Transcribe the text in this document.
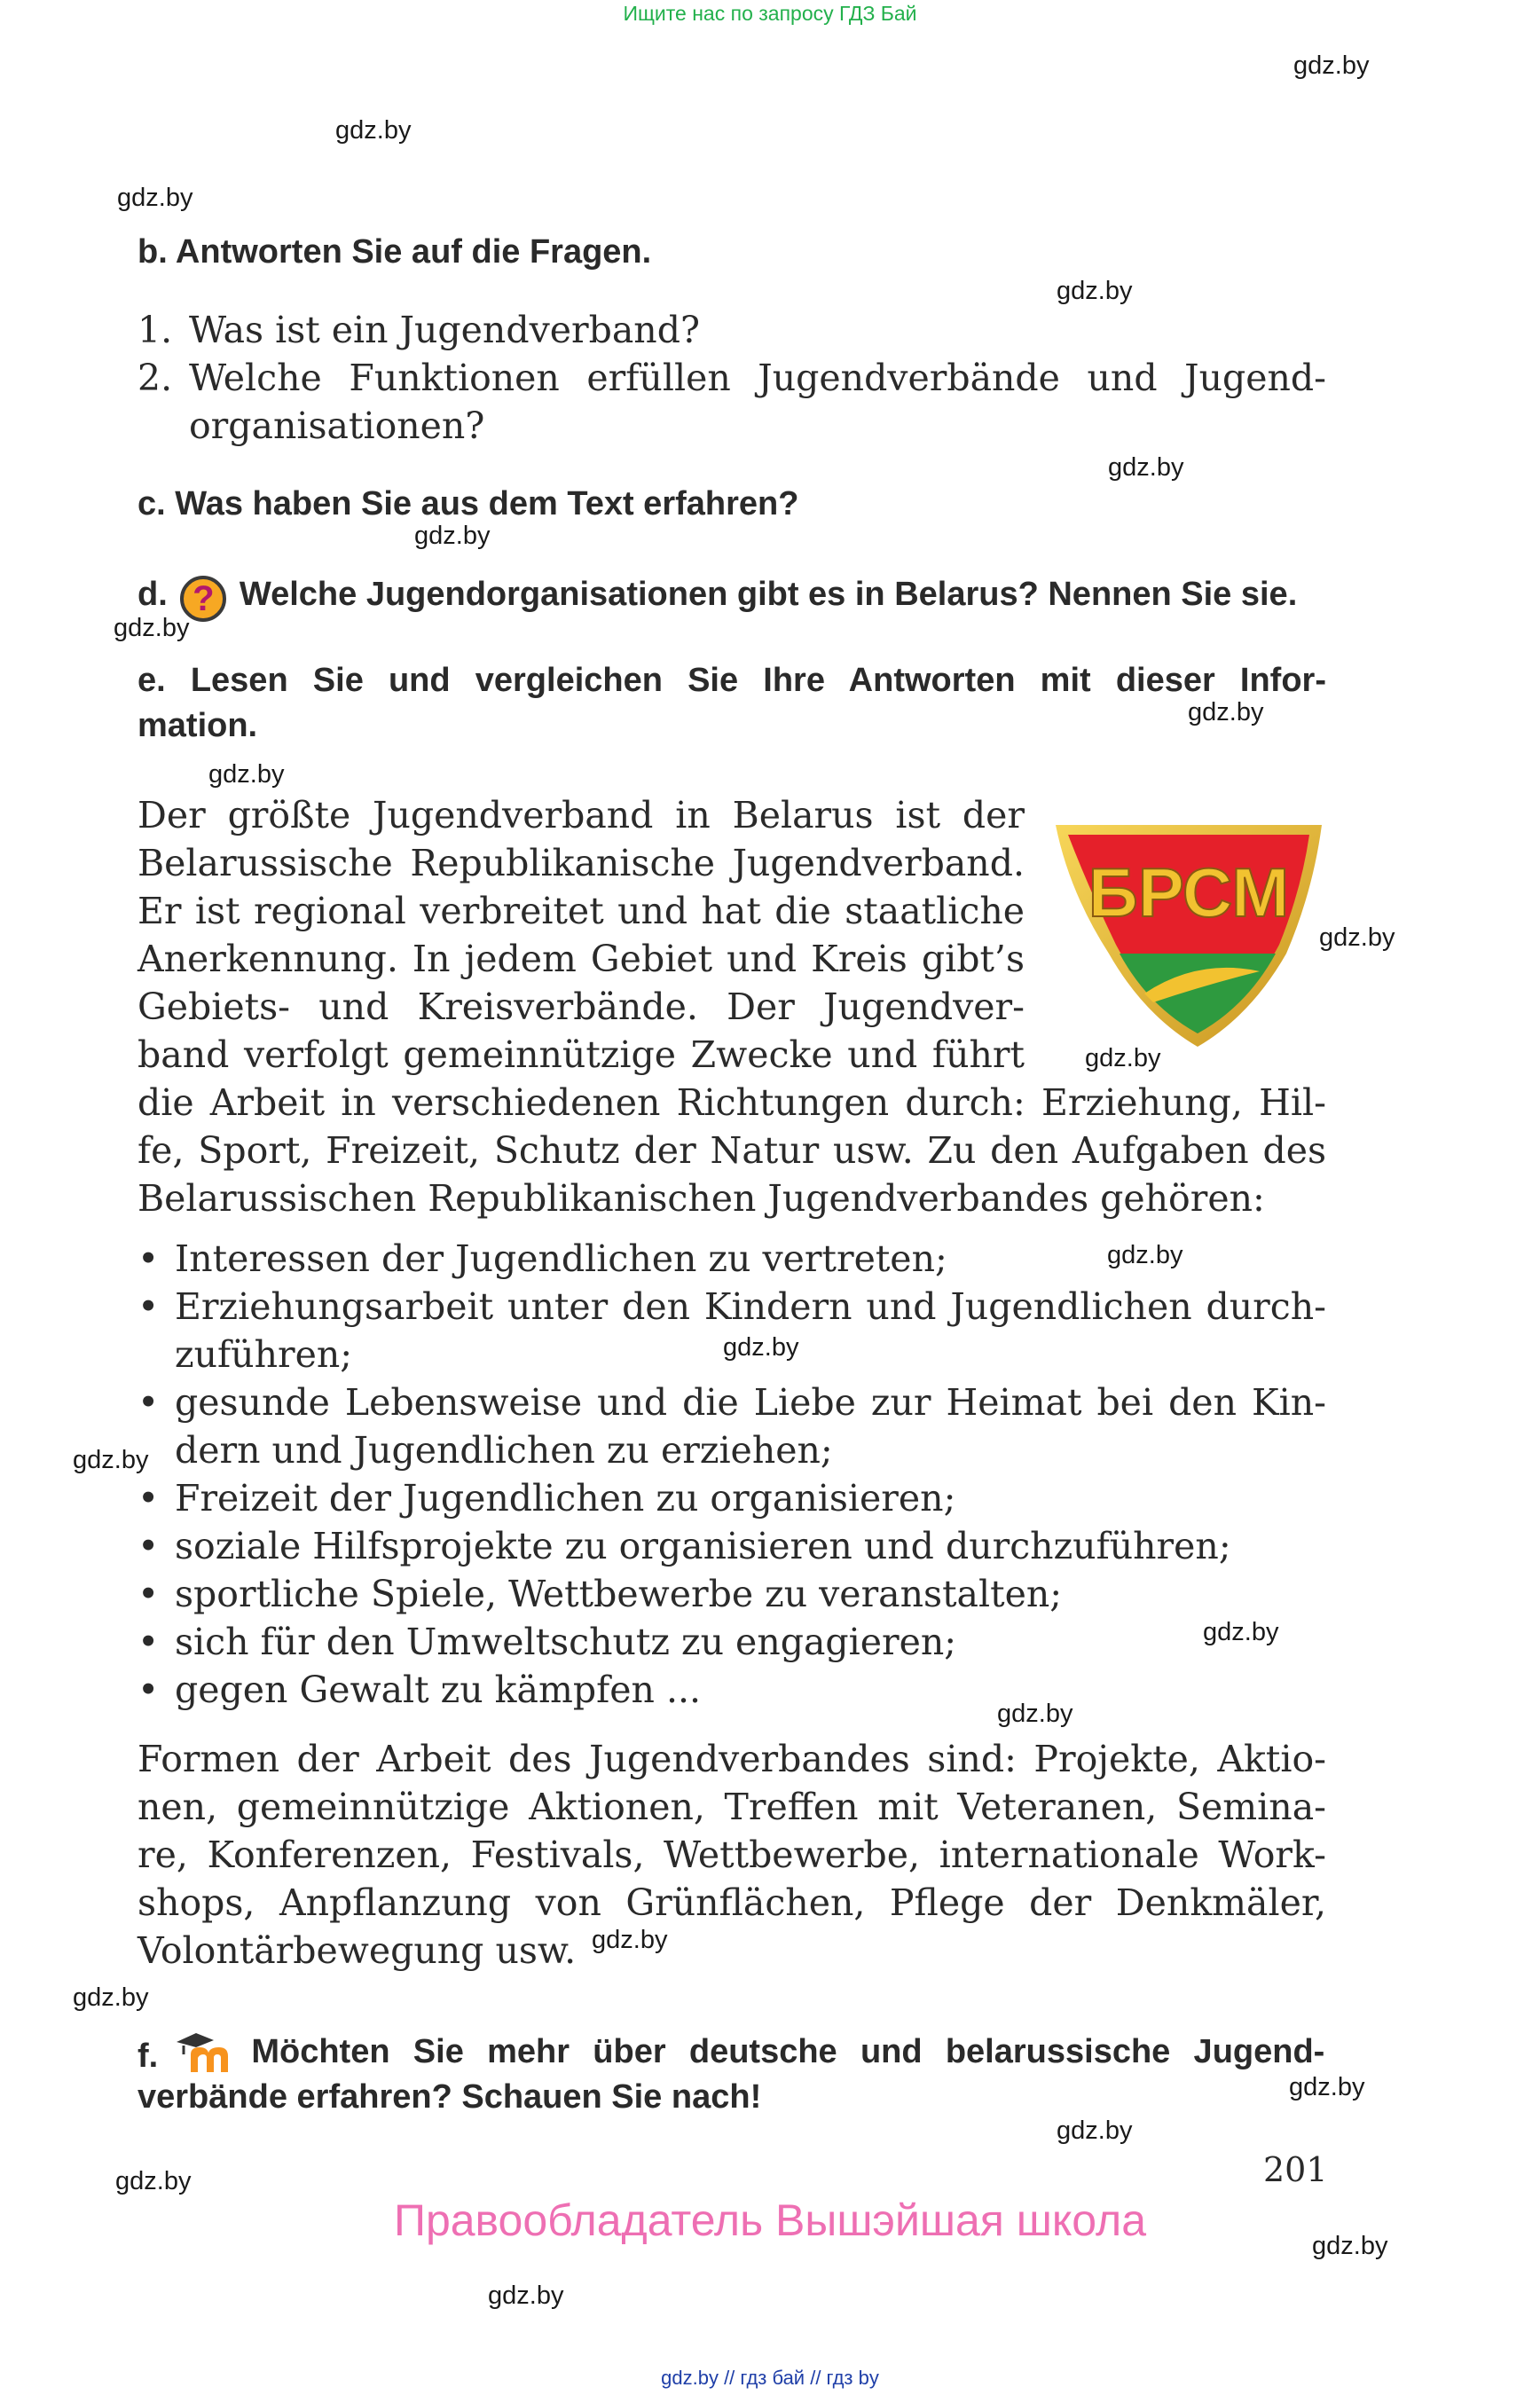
Ищите нас по запросу ГДЗ Бай
gdz.by
gdz.by
gdz.by
gdz.by
gdz.by
gdz.by
gdz.by
gdz.by
gdz.by
gdz.by
gdz.by
gdz.by
gdz.by
gdz.by
gdz.by
gdz.by
gdz.by
gdz.by
gdz.by
gdz.by
gdz.by
gdz.by
gdz.by
b. Antworten Sie auf die Fragen.
1. Was ist ein Jugendverband?
2. Welche Funktionen erfüllen Jugendverbände und Jugend-
organisationen?
c. Was haben Sie aus dem Text erfahren?
d. ? Welche Jugendorganisationen gibt es in Belarus? Nennen Sie sie.
e. Lesen Sie und vergleichen Sie Ihre Antworten mit dieser Infor-
mation.
Der größte Jugendverband in Belarus ist der
Belarussische Republikanische Jugendverband.
Er ist regional verbreitet und hat die staatliche
Anerkennung. In jedem Gebiet und Kreis gibt’s
Gebiets- und Kreisverbände. Der Jugendver-
band verfolgt gemeinnützige Zwecke und führt
die Arbeit in verschiedenen Richtungen durch: Erziehung, Hil-
fe, Sport, Freizeit, Schutz der Natur usw. Zu den Aufgaben des
Belarussischen Republikanischen Jugendverbandes gehören:
БРСМ
• Interessen der Jugendlichen zu vertreten;
• Erziehungsarbeit unter den Kindern und Jugendlichen durch-
zuführen;
• gesunde Lebensweise und die Liebe zur Heimat bei den Kin-
dern und Jugendlichen zu erziehen;
• Freizeit der Jugendlichen zu organisieren;
• soziale Hilfsprojekte zu organisieren und durchzuführen;
• sportliche Spiele, Wettbewerbe zu veranstalten;
• sich für den Umweltschutz zu engagieren;
• gegen Gewalt zu kämpfen ...
Formen der Arbeit des Jugendverbandes sind: Projekte, Aktio-
nen, gemeinnützige Aktionen, Treffen mit Veteranen, Semina-
re, Konferenzen, Festivals, Wettbewerbe, internationale Work-
shops, Anpflanzung von Grünflächen, Pflege der Denkmäler,
Volontärbewegung usw.
f.	Möchten Sie mehr über deutsche und belarussische Jugend-
verbände erfahren? Schauen Sie nach!
201
Правообладатель Вышэйшая школа
gdz.by // гдз бай // гдз by
